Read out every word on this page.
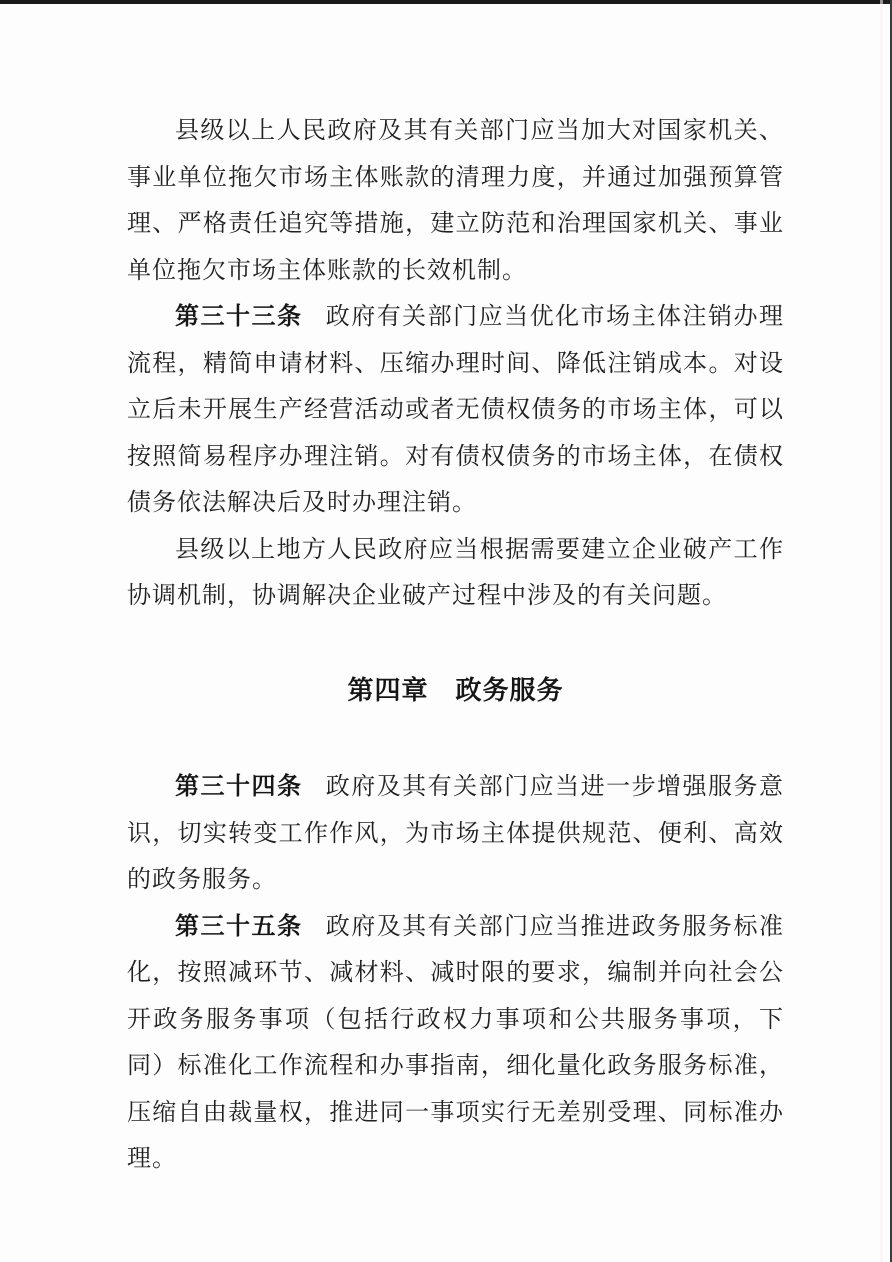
县级以上人民政府及其有关部门应当加大对国家机关、事业单位拖欠市场主体账款的清理力度，并通过加强预算管理、严格责任追究等措施，建立防范和治理国家机关、事业单位拖欠市场主体账款的长效机制。

第三十三条 政府有关部门应当优化市场主体注销办理流程，精简申请材料、压缩办理时间、降低注销成本。对设立后未开展生产经营活动或者无债权债务的市场主体，可以按照简易程序办理注销。对有债权债务的市场主体，在债权债务依法解决后及时办理注销。

县级以上地方人民政府应当根据需要建立企业破产工作协调机制，协调解决企业破产过程中涉及的有关问题。

第四章　政务服务

第三十四条 政府及其有关部门应当进一步增强服务意识，切实转变工作作风，为市场主体提供规范、便利、高效的政务服务。

第三十五条 政府及其有关部门应当推进政务服务标准化，按照减环节、减材料、减时限的要求，编制并向社会公开政务服务事项（包括行政权力事项和公共服务事项，下同）标准化工作流程和办事指南，细化量化政务服务标准，压缩自由裁量权，推进同一事项实行无差别受理、同标准办理。
